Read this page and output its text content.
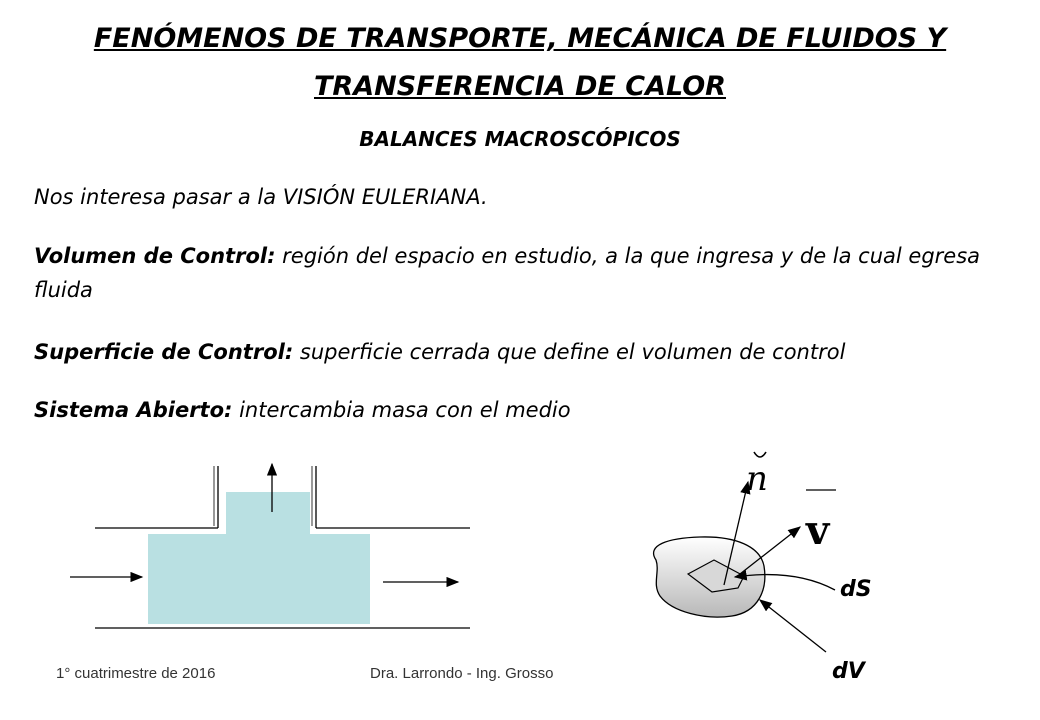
FENÓMENOS DE TRANSPORTE, MECÁNICA DE FLUIDOS Y
TRANSFERENCIA DE CALOR
BALANCES MACROSCÓPICOS
Nos interesa pasar a la VISIÓN EULERIANA.
Volumen de Control: región del espacio en estudio, a la que ingresa y de la cual egresa fluida
Superficie de Control: superficie cerrada que define el volumen de control
Sistema Abierto: intercambia masa con el medio
n
v
dS
dV
1° cuatrimestre de 2016	Dra. Larrondo - Ing. Grosso
